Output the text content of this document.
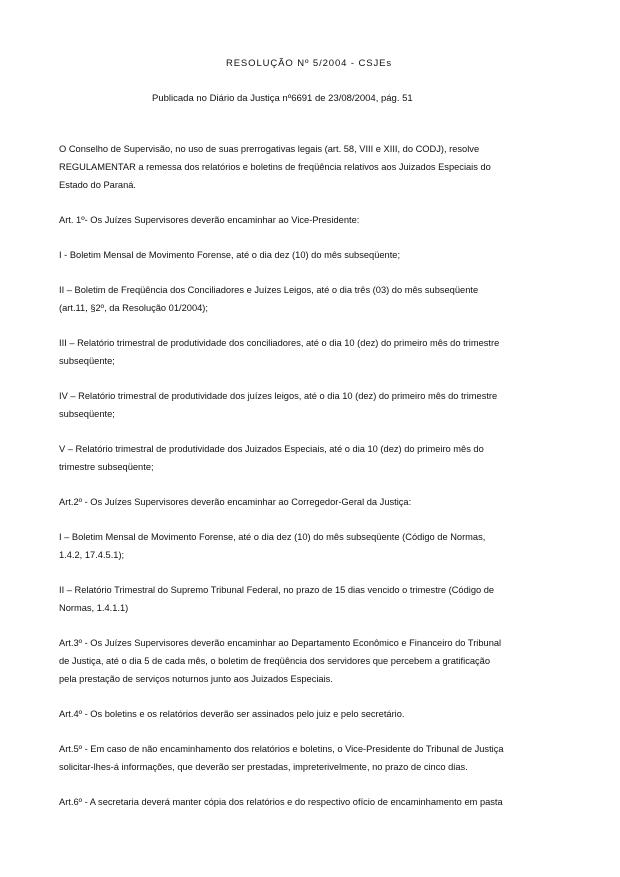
RESOLUÇÃO Nº 5/2004 - CSJEs
Publicada no Diário da Justiça nº6691 de 23/08/2004, pág. 51
O Conselho de Supervisão, no uso de suas prerrogativas legais (art. 58, VIII e XIII, do CODJ), resolve
REGULAMENTAR a remessa dos relatórios e boletins de freqüência relativos aos Juizados Especiais do
Estado do Paraná.
Art. 1º- Os Juízes Supervisores deverão encaminhar ao Vice-Presidente:
I - Boletim Mensal de Movimento Forense, até o dia dez (10) do mês subseqüente;
II – Boletim de Freqüência dos Conciliadores e Juízes Leigos, até o dia três (03) do mês subseqüente
(art.11, §2º, da Resolução 01/2004);
III – Relatório trimestral de produtividade dos conciliadores, até o dia 10 (dez) do primeiro mês do trimestre
subseqüente;
IV – Relatório trimestral de produtividade dos juízes leigos, até o dia 10 (dez) do primeiro mês do trimestre
subseqüente;
V – Relatório trimestral de produtividade dos Juizados Especiais, até o dia 10 (dez) do primeiro mês do
trimestre subseqüente;
Art.2º - Os Juízes Supervisores deverão encaminhar ao Corregedor-Geral da Justiça:
I – Boletim Mensal de Movimento Forense, até o dia dez (10) do mês subseqüente (Código de Normas,
1.4.2, 17.4.5.1);
II – Relatório Trimestral do Supremo Tribunal Federal, no prazo de 15 dias vencido o trimestre (Código de
Normas, 1.4.1.1)
Art.3º - Os Juízes Supervisores deverão encaminhar ao Departamento Econômico e Financeiro do Tribunal
de Justiça, até o dia 5 de cada mês, o boletim de freqüência dos servidores que percebem a gratificação
pela prestação de serviços noturnos junto aos Juizados Especiais.
Art.4º - Os boletins e os relatórios deverão ser assinados pelo juiz e pelo secretário.
Art.5º - Em caso de não encaminhamento dos relatórios e boletins, o Vice-Presidente do Tribunal de Justiça
solicitar-lhes-á informações, que deverão ser prestadas, impreterivelmente, no prazo de cinco dias.
Art.6º - A secretaria deverá manter cópia dos relatórios e do respectivo ofício de encaminhamento em pasta
